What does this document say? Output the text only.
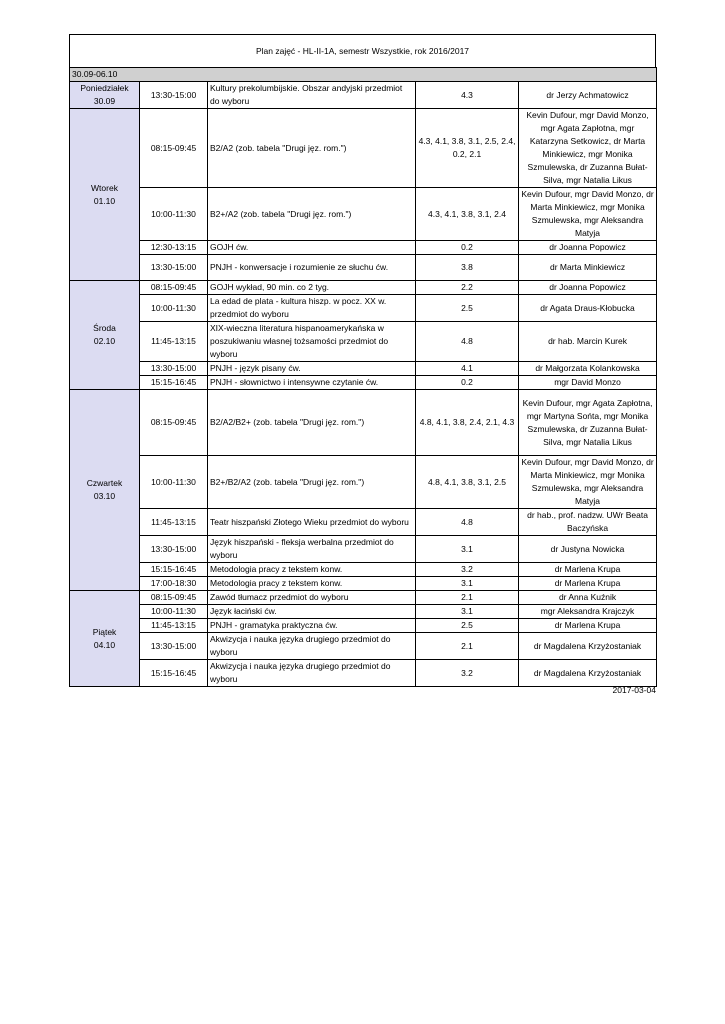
Plan zajęć - HL-II-1A, semestr Wszystkie, rok 2016/2017
30.09-06.10				

Poniedziałek
30.09	13:30-15:00	Kultury prekolumbijskie. Obszar andyjski przedmiot do wyboru	4.3	dr Jerzy Achmatowicz

Wtorek
01.10	08:15-09:45	B2/A2 (zob. tabela "Drugi jęz. rom.")	4.3, 4.1, 3.8, 3.1, 2.5, 2.4, 0.2, 2.1	Kevin Dufour, mgr David Monzo, mgr Agata Zapłotna, mgr Katarzyna Setkowicz, dr Marta Minkiewicz, mgr Monika Szmulewska, dr Zuzanna Bułat-Silva, mgr Natalia Likus
	10:00-11:30	B2+/A2 (zob. tabela "Drugi jęz. rom.")	4.3, 4.1, 3.8, 3.1, 2.4	Kevin Dufour, mgr David Monzo, dr Marta Minkiewicz, mgr Monika Szmulewska, mgr Aleksandra Matyja
	12:30-13:15	GOJH ćw.	0.2	dr Joanna Popowicz
	13:30-15:00	PNJH - konwersacje i rozumienie ze słuchu ćw.	3.8	dr Marta Minkiewicz

Środa
02.10	08:15-09:45	GOJH wykład, 90 min. co 2 tyg.	2.2	dr Joanna Popowicz
	10:00-11:30	La edad de plata - kultura hiszp. w pocz. XX w. przedmiot do wyboru	2.5	dr Agata Draus-Kłobucka
	11:45-13:15	XIX-wieczna literatura hispanoamerykańska w poszukiwaniu własnej tożsamości przedmiot do wyboru	4.8	dr hab. Marcin Kurek
	13:30-15:00	PNJH - język pisany ćw.	4.1	dr Małgorzata Kolankowska
	15:15-16:45	PNJH - słownictwo i intensywne czytanie ćw.	0.2	mgr David Monzo

Czwartek
03.10	08:15-09:45	B2/A2/B2+ (zob. tabela "Drugi jęz. rom.")	4.8, 4.1, 3.8, 2.4, 2.1, 4.3	Kevin Dufour, mgr Agata Zapłotna, mgr Martyna Sońta, mgr Monika Szmulewska, dr Zuzanna Bułat-Silva, mgr Natalia Likus
	10:00-11:30	B2+/B2/A2 (zob. tabela "Drugi jęz. rom.")	4.8, 4.1, 3.8, 3.1, 2.5	Kevin Dufour, mgr David Monzo, dr Marta Minkiewicz, mgr Monika Szmulewska, mgr Aleksandra Matyja
	11:45-13:15	Teatr hiszpański Złotego Wieku przedmiot do wyboru	4.8	dr hab., prof. nadzw. UWr Beata Baczyńska
	13:30-15:00	Język hiszpański - fleksja werbalna przedmiot do wyboru	3.1	dr Justyna Nowicka
	15:15-16:45	Metodologia pracy z tekstem konw.	3.2	dr Marlena Krupa
	17:00-18:30	Metodologia pracy z tekstem konw.	3.1	dr Marlena Krupa

Piątek
04.10	08:15-09:45	Zawód tłumacz przedmiot do wyboru	2.1	dr Anna Kuźnik
	10:00-11:30	Język łaciński ćw.	3.1	mgr Aleksandra Krajczyk
	11:45-13:15	PNJH - gramatyka praktyczna ćw.	2.5	dr Marlena Krupa
	13:30-15:00	Akwizycja i nauka języka drugiego przedmiot do wyboru	2.1	dr Magdalena Krzyżostaniak
	15:15-16:45	Akwizycja i nauka języka drugiego przedmiot do wyboru	3.2	dr Magdalena Krzyżostaniak
2017-03-04
